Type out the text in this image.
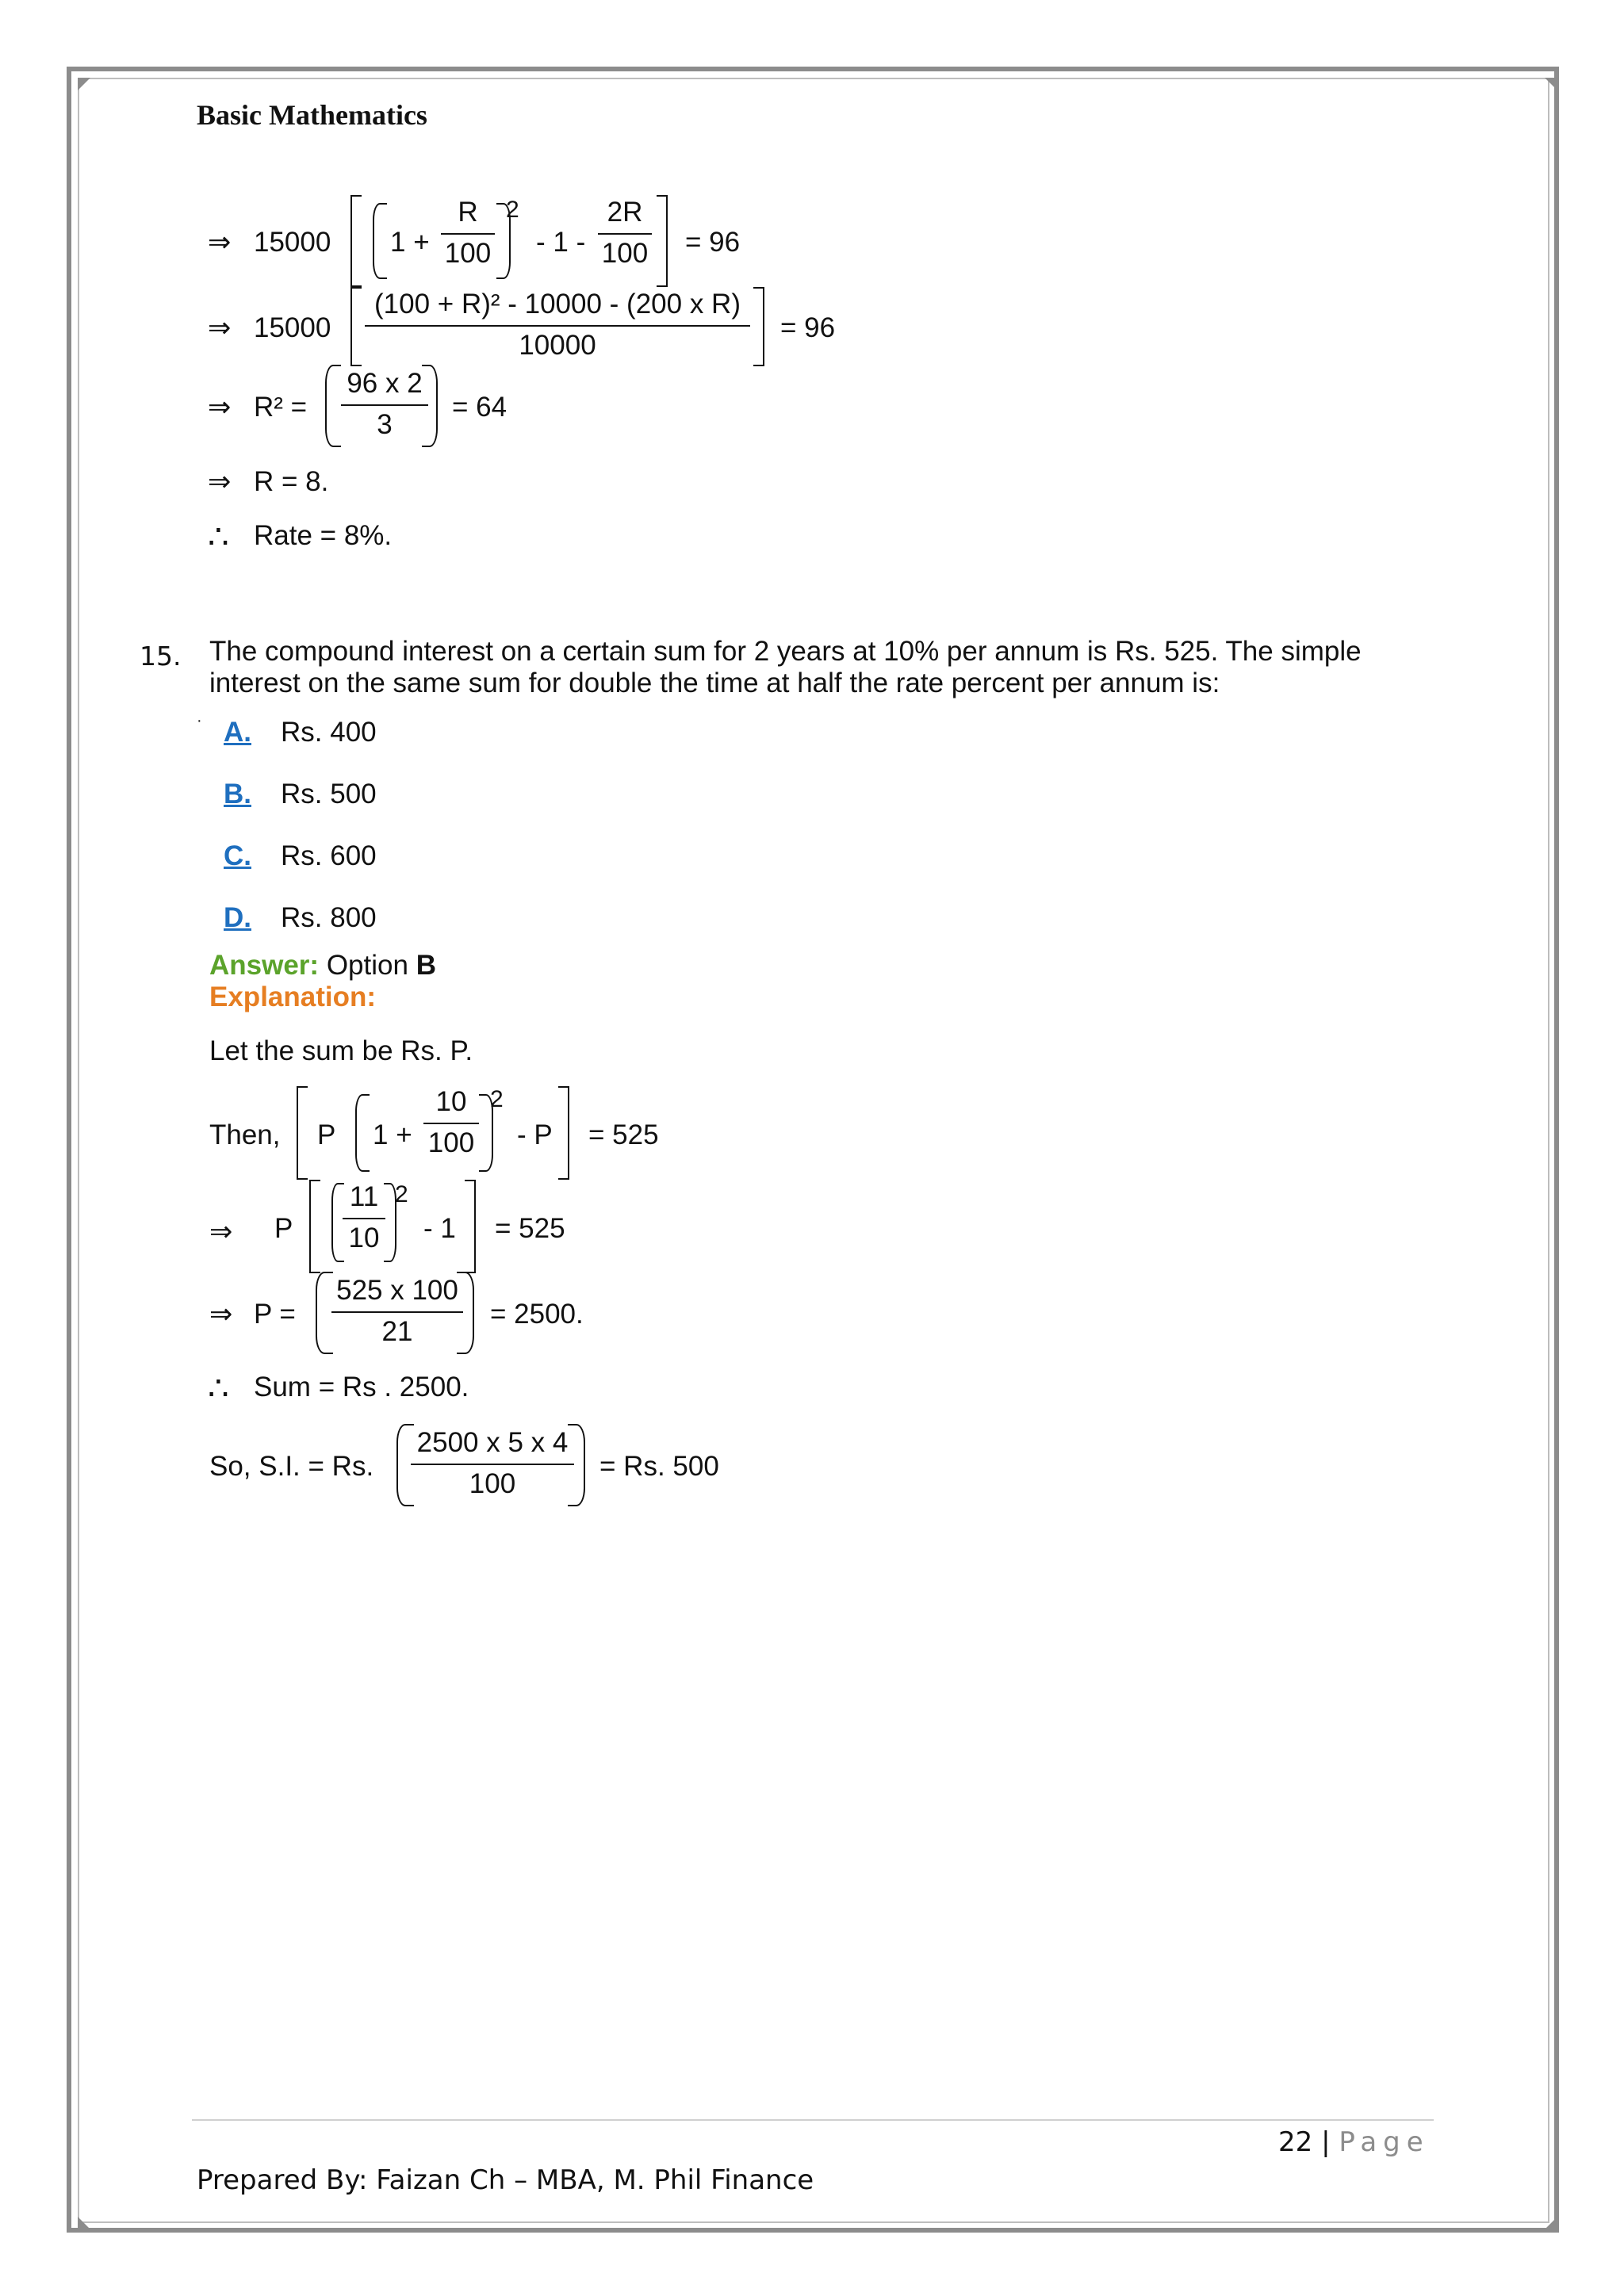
Basic Mathematics
⇒ 15000 1 +
R
100
2
- 1 -
2R
100 = 96
⇒ 15000
(100 + R)² - 10000 - (200 x R)
10000
= 96
⇒ R² =
96 x 2
3
= 64
⇒ R = 8.
∴ Rate = 8%.
15. The compound interest on a certain sum for 2 years at 10% per annum is Rs. 525. The simple
interest on the same sum for double the time at half the rate percent per annum is:
· A. Rs. 400
B. Rs. 500
C. Rs. 600
D. Rs. 800
Answer: Option B
Explanation:
Let the sum be Rs. P.
Then, P 1 +
10
100
2
- P = 525
⇒ P
11
10
2
- 1 = 525
⇒ P =
525 x 100
21
= 2500.
∴ Sum = Rs . 2500.
So, S.I. = Rs.
2500 x 5 x 4
100
= Rs. 500
22 | Page
Prepared By: Faizan Ch – MBA, M. Phil Finance
